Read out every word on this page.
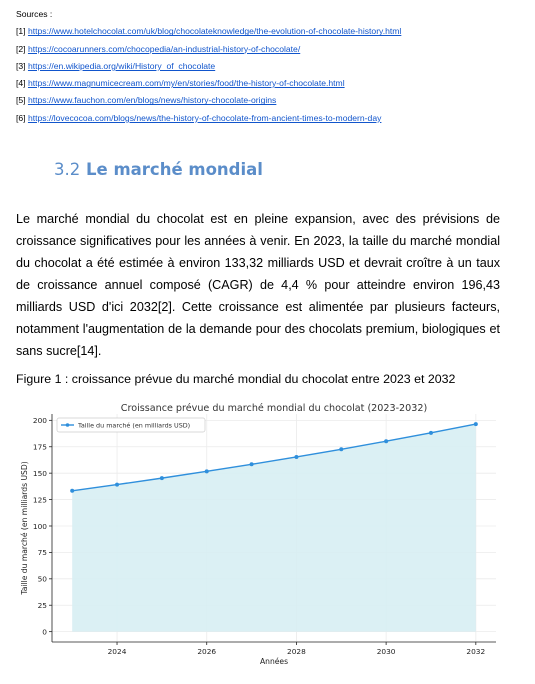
Sources :
[1] https://www.hotelchocolat.com/uk/blog/chocolateknowledge/the-evolution-of-chocolate-history.html
[2] https://cocoarunners.com/chocopedia/an-industrial-history-of-chocolate/
[3] https://en.wikipedia.org/wiki/History_of_chocolate
[4] https://www.magnumicecream.com/my/en/stories/food/the-history-of-chocolate.html
[5] https://www.fauchon.com/en/blogs/news/history-chocolate-origins
[6] https://lovecocoa.com/blogs/news/the-history-of-chocolate-from-ancient-times-to-modern-day
3.2 Le marché mondial

Le marché mondial du chocolat est en pleine expansion, avec des prévisions de croissance significatives pour les années à venir. En 2023, la taille du marché mondial du chocolat a été estimée à environ 133,32 milliards USD et devrait croître à un taux de croissance annuel composé (CAGR) de 4,4 % pour atteindre environ 196,43 milliards USD d'ici 2032[2]. Cette croissance est alimentée par plusieurs facteurs, notamment l'augmentation de la demande pour des chocolats premium, biologiques et sans sucre[14].

Figure 1 : croissance prévue du marché mondial du chocolat entre 2023 et 2032
Croissance prévue du marché mondial du chocolat (2023-2032)
0
25
50
75
100
125
150
175
200
2024	2026	2028	2030	2032
Années
Taille du marché (en milliards USD)
Taille du marché (en milliards USD)
